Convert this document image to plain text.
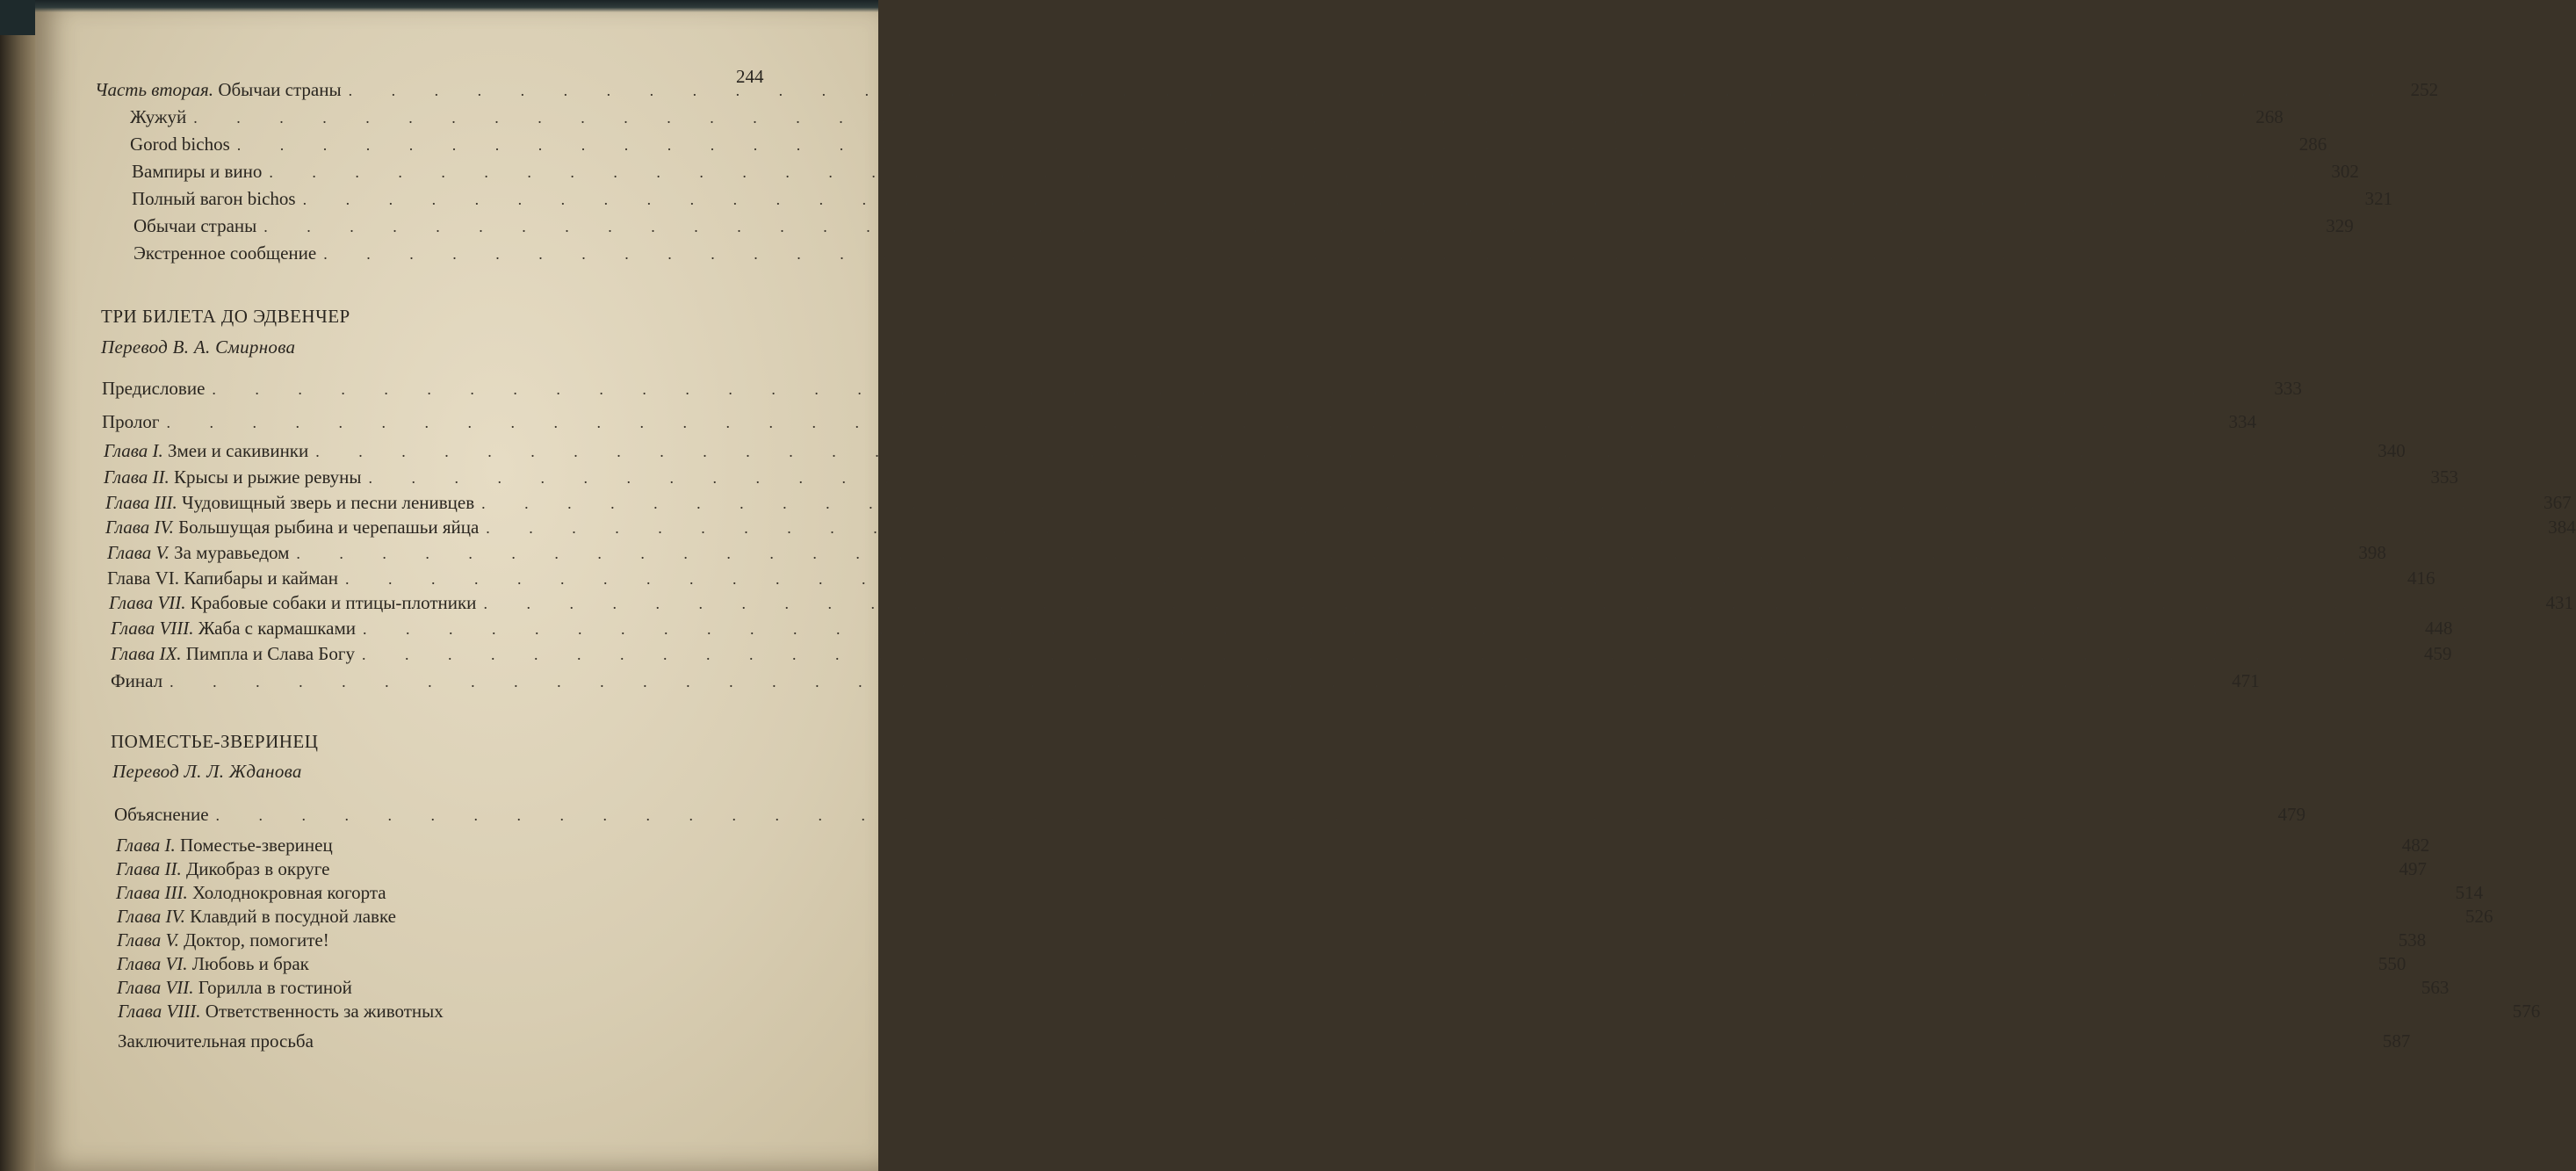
244
Часть вторая. Обычаи страны . . . . . . . . . . . . . . . . . . . . . . . . . . . . . . . . . . . . . . . . . . . . . . . . 252
Жужуй . . . . . . . . . . . . . . . . . . . . . . . . . . . . . . . . . . . . . . . . . . . . . . . . 268
Gorod bichos . . . . . . . . . . . . . . . . . . . . . . . . . . . . . . . . . . . . . . . . . . . . . . . . 286
Вампиры и вино . . . . . . . . . . . . . . . . . . . . . . . . . . . . . . . . . . . . . . . . . . . . . . . . 302
Полный вагон bichos . . . . . . . . . . . . . . . . . . . . . . . . . . . . . . . . . . . . . . . . . . . . . . . . 321
Обычаи страны . . . . . . . . . . . . . . . . . . . . . . . . . . . . . . . . . . . . . . . . . . . . . . . . 329
Экстренное сообщение . . . . . . . . . . . . . . . . . . . . . . . . . . . . . . . . . . . . . . . . . . . . . . . .
ТРИ БИЛЕТА ДО ЭДВЕНЧЕР
Перевод В. А. Смирнова
Предисловие . . . . . . . . . . . . . . . . . . . . . . . . . . . . . . . . . . . . . . . . . . . . . . . . 333
Пролог . . . . . . . . . . . . . . . . . . . . . . . . . . . . . . . . . . . . . . . . . . . . . . . . 334
Глава I. Змеи и сакивинки . . . . . . . . . . . . . . . . . . . . . . . . . . . . . . . . . . . . . . . . . . . . . . . . 340
Глава II. Крысы и рыжие ревуны . . . . . . . . . . . . . . . . . . . . . . . . . . . . . . . . . . . . . . . . . . . . . . . . 353
Глава III. Чудовищный зверь и песни ленивцев . . . . . . . . . . . . . . . . . . . . . . . . . . . . . . . . . . . . . . . . . . . . . . . . 367
Глава IV. Большущая рыбина и черепашьи яйца . . . . . . . . . . . . . . . . . . . . . . . . . . . . . . . . . . . . . . . . . . . . . . . . 384
Глава V. За муравьедом . . . . . . . . . . . . . . . . . . . . . . . . . . . . . . . . . . . . . . . . . . . . . . . . 398
Глава VI. Капибары и кайман . . . . . . . . . . . . . . . . . . . . . . . . . . . . . . . . . . . . . . . . . . . . . . . . 416
Глава VII. Крабовые собаки и птицы-плотники . . . . . . . . . . . . . . . . . . . . . . . . . . . . . . . . . . . . . . . . . . . . . . . . 431
Глава VIII. Жаба с кармашками . . . . . . . . . . . . . . . . . . . . . . . . . . . . . . . . . . . . . . . . . . . . . . . . 448
Глава IX. Пимпла и Слава Богу . . . . . . . . . . . . . . . . . . . . . . . . . . . . . . . . . . . . . . . . . . . . . . . . 459
Финал . . . . . . . . . . . . . . . . . . . . . . . . . . . . . . . . . . . . . . . . . . . . . . . . 471
ПОМЕСТЬЕ-ЗВЕРИНЕЦ
Перевод Л. Л. Жданова
Объяснение . . . . . . . . . . . . . . . . . . . . . . . . . . . . . . . . . . . . . . . . . . . . . . . . 479
Глава I. Поместье-зверинец	482
Глава II. Дикобраз в округе	497
Глава III. Холоднокровная когорта	514
Глава IV. Клавдий в посудной лавке	526
Глава V. Доктор, помогите!	538
Глава VI. Любовь и брак	550
Глава VII. Горилла в гостиной	563
Глава VIII. Ответственность за животных	576
Заключительная просьба	587
